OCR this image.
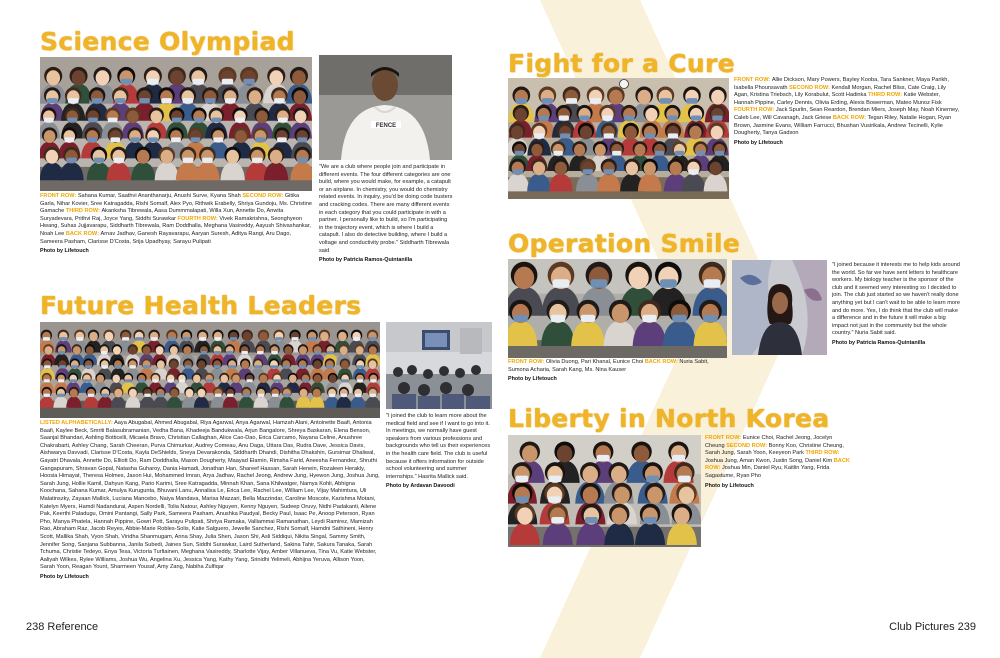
Science Olympiad
FENCE
"We are a club where people join and participate in different events. The four different categories are one build, where you would make, for example, a catapult or an airplane. In chemistry, you would do chemistry related events. In inquiry, you'd be doing code busters and cracking codes. There are many different events in each category that you could participate in with a partner. I personally like to build, so I'm participating in the trajectory event, which is where I build a catapult. I also do detective building, where I build a voltage and conductivity probe." Siddharth Tibrewala said
Photo by Patricia Ramos-Quintanilla
FRONT ROW: Sahana Kumar, Saathvi Ananthanarju, Anushi Surve, Kyana Shah SECOND ROW: Gitika Garla, Nihar Kovier, Sree Katragadda, Rishi Somalf, Alex Pyo, Rithwik Erabelly, Shriya Gundoju, Ms. Christine Gamache THIRD ROW: Akanksha Tibrewala, Aasa Dummmalapati, Willa Xun, Annette Do, Anwita Suryadevara, Prithvi Raj, Joyce Yang, Siddhi Surawkar FOURTH ROW: Vivek Ramakrishna, Seonghyeon Hwang, Suhas Jujjavarapu, Siddharth Tibrewala, Ram Doddhalla, Meghana Vasireddy, Aayush Shivashankar, Noah Lee BACK ROW: Arnav Jadhav, Ganesh Rayavarapu, Aaryan Suresh, Aditya Rangi, Aru Dago, Sameera Pasham, Clarisse D'Costa, Srija Upadhyay, Sarayu Pulipati
Photo by Lifetouch
Future Health Leaders
"I joined the club to learn more about the medical field and see if I want to go into it. In meetings, we normally have guest speakers from various professions and backgrounds who tell us their experiences in the health care field. The club is useful because it offers information for outside school volunteering and summer internships." Hasrita Mallick said.
Photo by Ardavan Davoodi
LISTED ALPHABETICALLY: Aaya Abugabal, Ahmed Abugabal, Riya Agarwal, Anya Agarwal, Hamzah Alani, Antoinette Baafi, Antonia Baafi, Kaylee Beck, Smriti Balasubramanian, Vedha Bana, Khadeeja Bandukwala, Arjun Bangalore, Shreya Baskaran, Elena Benson, Saanjal Bhandari, Ashling Botticelli, Micaela Bravo, Christian Callaghan, Alice Cao-Dao, Erica Carcamo, Nayana Celine, Anushree Chakrabarti, Ashley Chang, Sarah Cheeran, Purva Chimurkar, Audrey Comeau, Anu Daga, Uttara Das, Rudra Dave, Jessica Davis, Aishwarya Davvadi, Clarisse D'Costa, Kayla DeShields, Sneya Devarakonda, Siddharth Dhandi, Dishitha Dhakshin, Gursimar Dhaliwal, Gayatri Dhavala, Annette Do, Elliott Do, Ram Doddhalla, Mason Dougherty, Maayad Elamin, Rimsha Farid, Aneesha Fernandez, Shruthi Gangapuram, Shravan Gopal, Natasha Guharoy, Dania Hamadi, Jonathan Han, Shareef Hassan, Sarah Henein, Rozaleen Herakly, Hoosia Himayat, Theresa Holmes, Jason Hui, Mohammed Imran, Arya Jadhav, Rachel Jeong, Andrew Jung, Hyewon Jung, Joshua Jung, Sarah Jung, Hollie Kamil, Dahyun Kang, Pario Karimi, Sree Katragadda, Minnah Khan, Sana Khilwatger, Namya Kohli, Abhigna Koochana, Sahana Kumar, Amulya Kurugunta, Bhuvani Lanu, Annalisa Le, Erica Lee, Rachel Lee, William Lee, Vijay Mahimtura, Uli Malatinszky, Zayaan Mallick, Luciana Mancebo, Naiya Mandava, Marisa Mazzari, Bella Mazzindar, Caroline Moscote, Karishma Motani, Katelyn Myers, Hamdi Nadandurai, Aspen Nordelli, Tolia Natour, Ashley Nguyen, Kenny Nguyen, Sudeep Oruvy, Nidhi Padakanti, Ailene Pak, Keerthi Paladugu, Omini Pantangi, Sally Park, Sameera Pasham, Anushka Paudyal, Becky Paul, Isaac Pe, Anoop Peterson, Ryan Pho, Manya Phatela, Hannah Pippine, Gowri Pott, Sarayu Pulipati, Shriya Ramaka, Valliammai Ramanathan, Leydi Ramirez, Mamizah Rao, Abraham Raz, Jacob Reyes, Abbie-Marie Robles-Solis, Katie Salguero, Jewelle Sanchez, Rishi Somalf, Hamdni Sathineni, Henry Scott, Mallika Shah, Vyon Shah, Viridha Shanmugam, Anna Shay, Julia Shen, Jason Shi, Asli Siddiqui, Nikita Singal, Sammy Smith, Jennifer Song, Sanjana Subbanna, Janila Subedi, Jaines Sun, Siddhi Surawkar, Laird Sutherland, Sakina Tahir, Sakura Tanaka, Sarah Tchuma, Christie Tedeyo, Enya Tesa, Victoria Turltainen, Meghana Vasireddy, Sharlotte Vijay, Amber Villanueva, Tina Vu, Katie Webster, Aaliyah Wilkes, Rylee Williams, Joshua Wu, Angelina Xu, Jessica Yang, Kathy Yang, Srinidhi Yelimeli, Abhijna Yeruva, Allison Yoon, Sarah Yoon, Reagan Yount, Sharmeen Yousaf, Amy Zang, Nabiha Zulfiqar
Photo by Lifetouch
Fight for a Cure
FRONT ROW: Allie Dickson, Mary Powers, Bayley Kooba, Tara Sankner, Maya Parikh, Isabella Phounsavath SECOND ROW: Kendall Morgan, Rachel Bliss, Cate Craig, Lily Agan, Kristina Triebsch, Lily Korabulut, Scott Hadinka THIRD ROW: Katie Webster, Hannah Pippine, Carley Dennis, Olivia Erding, Alexis Bowerman, Mateo Munoz Fisk FOURTH ROW: Jack Spurlin, Sean Reardon, Brendan Miers, Joseph May, Noah Kinerney, Caleb Lee, Will Cavanagh, Jack Griese BACK ROW: Tegan Riley, Natalie Hogan, Ryan Brown, Jasmine Evans, William Farrucci, Bhushan Vusirikala, Andrew Tecinelli, Kylie Dougherty, Tanya Gadson
Photo by Lifetouch
Operation Smile
"I joined because it interests me to help kids around the world. So far we have sent letters to healthcare workers. My biology teacher is the sponsor of the club and it seemed very interesting so I decided to join. The club just started so we haven't really done anything yet but I can't wait to be able to learn more and do more. Yes, I do think that the club will make a difference and in the future it will make a big impact not just in the community but the whole country." Nuria Sabit said.
Photo by Patricia Ramos-Quintanilla
FRONT ROW: Olivia Duong, Pari Khanal, Eunice Choi BACK ROW: Nuria Sabit, Sumona Acharia, Sarah Kang, Ms. Nina Kauser
Photo by Lifetouch
Liberty in North Korea
FRONT ROW: Eunice Choi, Rachel Jeong, Jocelyn Cheung SECOND ROW: Bonny Koo, Christine Cheung, Sarah Jung, Sarah Yoon, Keeyeon Park THIRD ROW: Joshua Jung, Aman Kwon, Justin Song, Daniel Kim BACK ROW: Joshua Min, Daniel Ryu, Kaitlin Yang, Frida Sagastume, Ryan Pho
Photo by Lifetouch
238 Reference	Club Pictures 239
